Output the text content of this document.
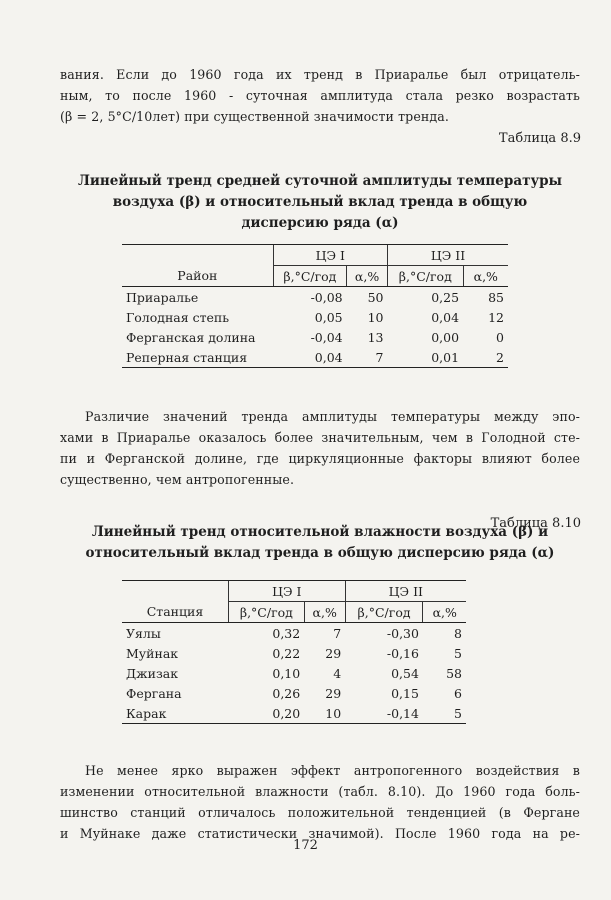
вания. Если до 1960 года их тренд в Приаралье был отрицатель-
ным, то после 1960 - суточная амплитуда стала резко возрастать
(β = 2, 5°C/10лет) при существенной значимости тренда.

Таблица 8.9
Линейный тренд средней суточной амплитуды температуры
воздуха (β) и относительный вклад тренда в общую
дисперсию ряда (α)
	ЦЭ I		ЦЭ II	
Район	β,°С/год	α,%	β,°С/год	α,%
Приаралье	-0,08	50	0,25	85
Голодная степь	0,05	10	0,04	12
Ферганская долина	-0,04	13	0,00	0
Реперная станция	0,04	7	0,01	2

Различие значений тренда амплитуды температуры между эпо-

хами в Приаралье оказалось более значительным, чем в Голодной сте-
пи и Ферганской долине, где циркуляционные факторы влияют более
существенно, чем антропогенные.

Таблица 8.10
Линейный тренд относительной влажности воздуха (β) и
относительный вклад тренда в общую дисперсию ряда (α)
	ЦЭ I		ЦЭ II	
Станция	β,°С/год	α,%	β,°С/год	α,%
Уялы	0,32	7	-0,30	8
Муйнак	0,22	29	-0,16	5
Джизак	0,10	4	0,54	58
Фергана	0,26	29	0,15	6
Карак	0,20	10	-0,14	5

Не менее ярко выражен эффект антропогенного воздействия в

изменении относительной влажности (табл. 8.10). До 1960 года боль-
шинство станций отличалось положительной тенденцией (в Фергане
и Муйнаке даже статистически значимой). После 1960 года на ре-

172
